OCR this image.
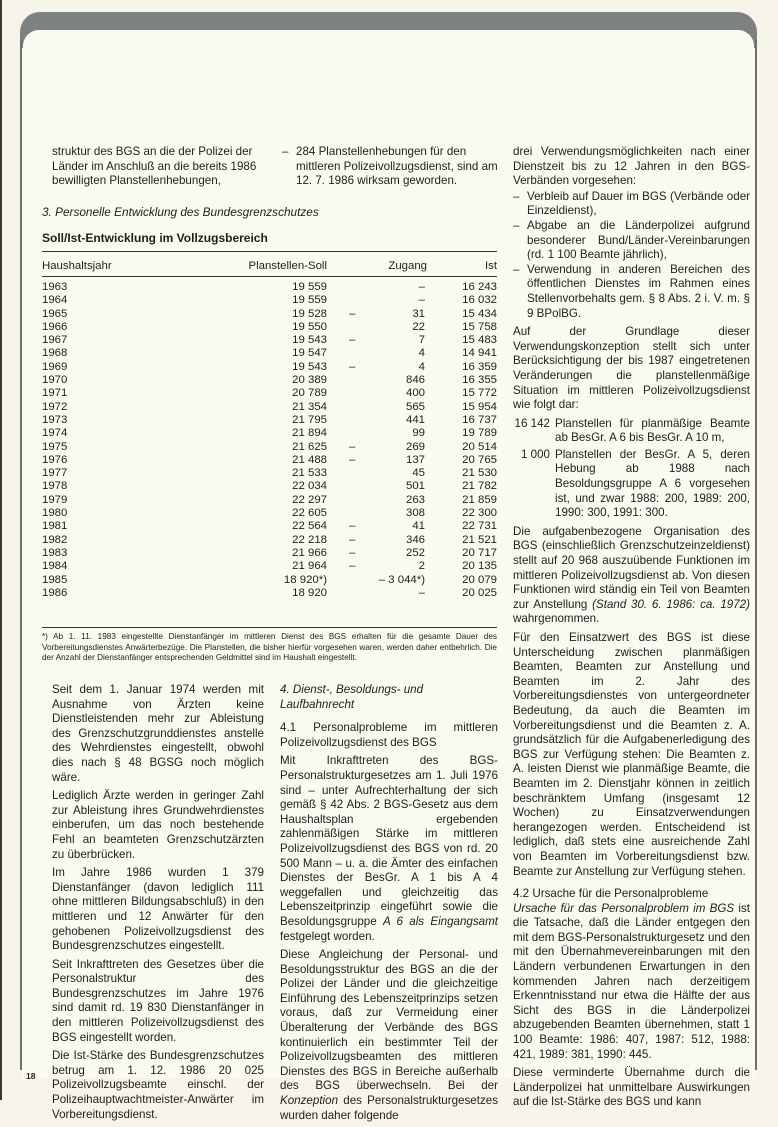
struktur des BGS an die der Polizei der Länder im Anschluß an die bereits 1986 bewilligten Planstellenhebungen,

– 284 Planstellenhebungen für den mittleren Polizeivollzugsdienst, sind am 12. 7. 1986 wirksam geworden.
3. Personelle Entwicklung des Bundesgrenzschutzes
Soll/Ist-Entwicklung im Vollzugsbereich
Haushaltsjahr	Planstellen-Soll	Zugang	Ist
1963	19 559	–	16 243
1964	19 559	–	16 032
1965	19 528	– 31	15 434
1966	19 550	22	15 758
1967	19 543	– 7	15 483
1968	19 547	4	14 941
1969	19 543	– 4	16 359
1970	20 389	846	16 355
1971	20 789	400	15 772
1972	21 354	565	15 954
1973	21 795	441	16 737
1974	21 894	99	19 789
1975	21 625	– 269	20 514
1976	21 488	– 137	20 765
1977	21 533	45	21 530
1978	22 034	501	21 782
1979	22 297	263	21 859
1980	22 605	308	22 300
1981	22 564	– 41	22 731
1982	22 218	– 346	21 521
1983	21 966	– 252	20 717
1984	21 964	– 2	20 135
1985	18 920*)	– 3 044*)	20 079
1986	18 920	–	20 025
*) Ab 1. 11. 1983 eingestellte Dienstanfänger im mittleren Dienst des BGS erhalten für die gesamte Dauer des Vorbereitungsdienstes Anwärterbezüge. Die Planstellen, die bisher hierfür vorgesehen waren, werden daher entbehrlich. Die der Anzahl der Dienstanfänger entsprechenden Geldmittel sind im Haushalt eingestellt.

Seit dem 1. Januar 1974 werden mit Ausnahme von Ärzten keine Dienstleistenden mehr zur Ableistung des Grenzschutzgrunddienstes anstelle des Wehrdienstes eingestellt, obwohl dies nach § 48 BGSG noch möglich wäre.

Lediglich Ärzte werden in geringer Zahl zur Ableistung ihres Grundwehrdienstes einberufen, um das noch bestehende Fehl an beamteten Grenzschutzärzten zu überbrücken.

Im Jahre 1986 wurden 1 379 Dienstanfänger (davon lediglich 111 ohne mittleren Bildungsabschluß) in den mittleren und 12 Anwärter für den gehobenen Polizeivollzugsdienst des Bundesgrenzschutzes eingestellt.

Seit Inkrafttreten des Gesetzes über die Personalstruktur des Bundesgrenzschutzes im Jahre 1976 sind damit rd. 19 830 Dienstanfänger in den mittleren Polizeivollzugsdienst des BGS eingestellt worden.

Die Ist-Stärke des Bundesgrenzschutzes betrug am 1. 12. 1986 20 025 Polizeivollzugsbeamte einschl. der Polizeihauptwachtmeister-Anwärter im Vorbereitungsdienst.

4. Dienst-, Besoldungs- und Laufbahnrecht

4.1 Personalprobleme im mittleren Polizeivollzugsdienst des BGS

Mit Inkrafttreten des BGS-Personalstrukturgesetzes am 1. Juli 1976 sind – unter Aufrechterhaltung der sich gemäß § 42 Abs. 2 BGS-Gesetz aus dem Haushaltsplan ergebenden zahlenmäßigen Stärke im mittleren Polizeivollzugsdienst des BGS von rd. 20 500 Mann – u. a. die Ämter des einfachen Dienstes der BesGr. A 1 bis A 4 weggefallen und gleichzeitig das Lebenszeitprinzip eingeführt sowie die Besoldungsgruppe A 6 als Eingangsamt festgelegt worden.

Diese Angleichung der Personal- und Besoldungsstruktur des BGS an die der Polizei der Länder und die gleichzeitige Einführung des Lebenszeitprinzips setzen voraus, daß zur Vermeidung einer Überalterung der Verbände des BGS kontinuierlich ein bestimmter Teil der Polizeivollzugsbeamten des mittleren Dienstes des BGS in Bereiche außerhalb des BGS überwechseln. Bei der Konzeption des Personalstrukturgesetzes wurden daher folgende

drei Verwendungsmöglichkeiten nach einer Dienstzeit bis zu 12 Jahren in den BGS-Verbänden vorgesehen:

– Verbleib auf Dauer im BGS (Verbände oder Einzeldienst),
– Abgabe an die Länderpolizei aufgrund besonderer Bund/Länder-Vereinbarungen (rd. 1 100 Beamte jährlich),
– Verwendung in anderen Bereichen des öffentlichen Dienstes im Rahmen eines Stellenvorbehalts gem. § 8 Abs. 2 i. V. m. § 9 BPolBG.

Auf der Grundlage dieser Verwendungskonzeption stellt sich unter Berücksichtigung der bis 1987 eingetretenen Veränderungen die planstellenmäßige Situation im mittleren Polizeivollzugsdienst wie folgt dar:

16 142 Planstellen für planmäßige Beamte ab BesGr. A 6 bis BesGr. A 10 m,
1 000 Planstellen der BesGr. A 5, deren Hebung ab 1988 nach Besoldungsgruppe A 6 vorgesehen ist, und zwar 1988: 200, 1989: 200, 1990: 300, 1991: 300.

Die aufgabenbezogene Organisation des BGS (einschließlich Grenzschutzeinzeldienst) stellt auf 20 968 auszuübende Funktionen im mittleren Polizeivollzugsdienst ab. Von diesen Funktionen wird ständig ein Teil von Beamten zur Anstellung (Stand 30. 6. 1986: ca. 1972) wahrgenommen.

Für den Einsatzwert des BGS ist diese Unterscheidung zwischen planmäßigen Beamten, Beamten zur Anstellung und Beamten im 2. Jahr des Vorbereitungsdienstes von untergeordneter Bedeutung, da auch die Beamten im Vorbereitungsdienst und die Beamten z. A. grundsätzlich für die Aufgabenerledigung des BGS zur Verfügung stehen: Die Beamten z. A. leisten Dienst wie planmäßige Beamte, die Beamten im 2. Dienstjahr können in zeitlich beschränktem Umfang (insgesamt 12 Wochen) zu Einsatzverwendungen herangezogen werden. Entscheidend ist lediglich, daß stets eine ausreichende Zahl von Beamten im Vorbereitungsdienst bzw. Beamte zur Anstellung zur Verfügung stehen.

4.2 Ursache für die Personalprobleme

Ursache für das Personalproblem im BGS ist die Tatsache, daß die Länder entgegen den mit dem BGS-Personalstrukturgesetz und den mit den Übernahmevereinbarungen mit den Ländern verbundenen Erwartungen in den kommenden Jahren nach derzeitigem Erkenntnisstand nur etwa die Hälfte der aus Sicht des BGS in die Länderpolizei abzugebenden Beamten übernehmen, statt 1 100 Beamte: 1986: 407, 1987: 512, 1988: 421, 1989: 381, 1990: 445.

Diese verminderte Übernahme durch die Länderpolizei hat unmittelbare Auswirkungen auf die Ist-Stärke des BGS und kann

18
